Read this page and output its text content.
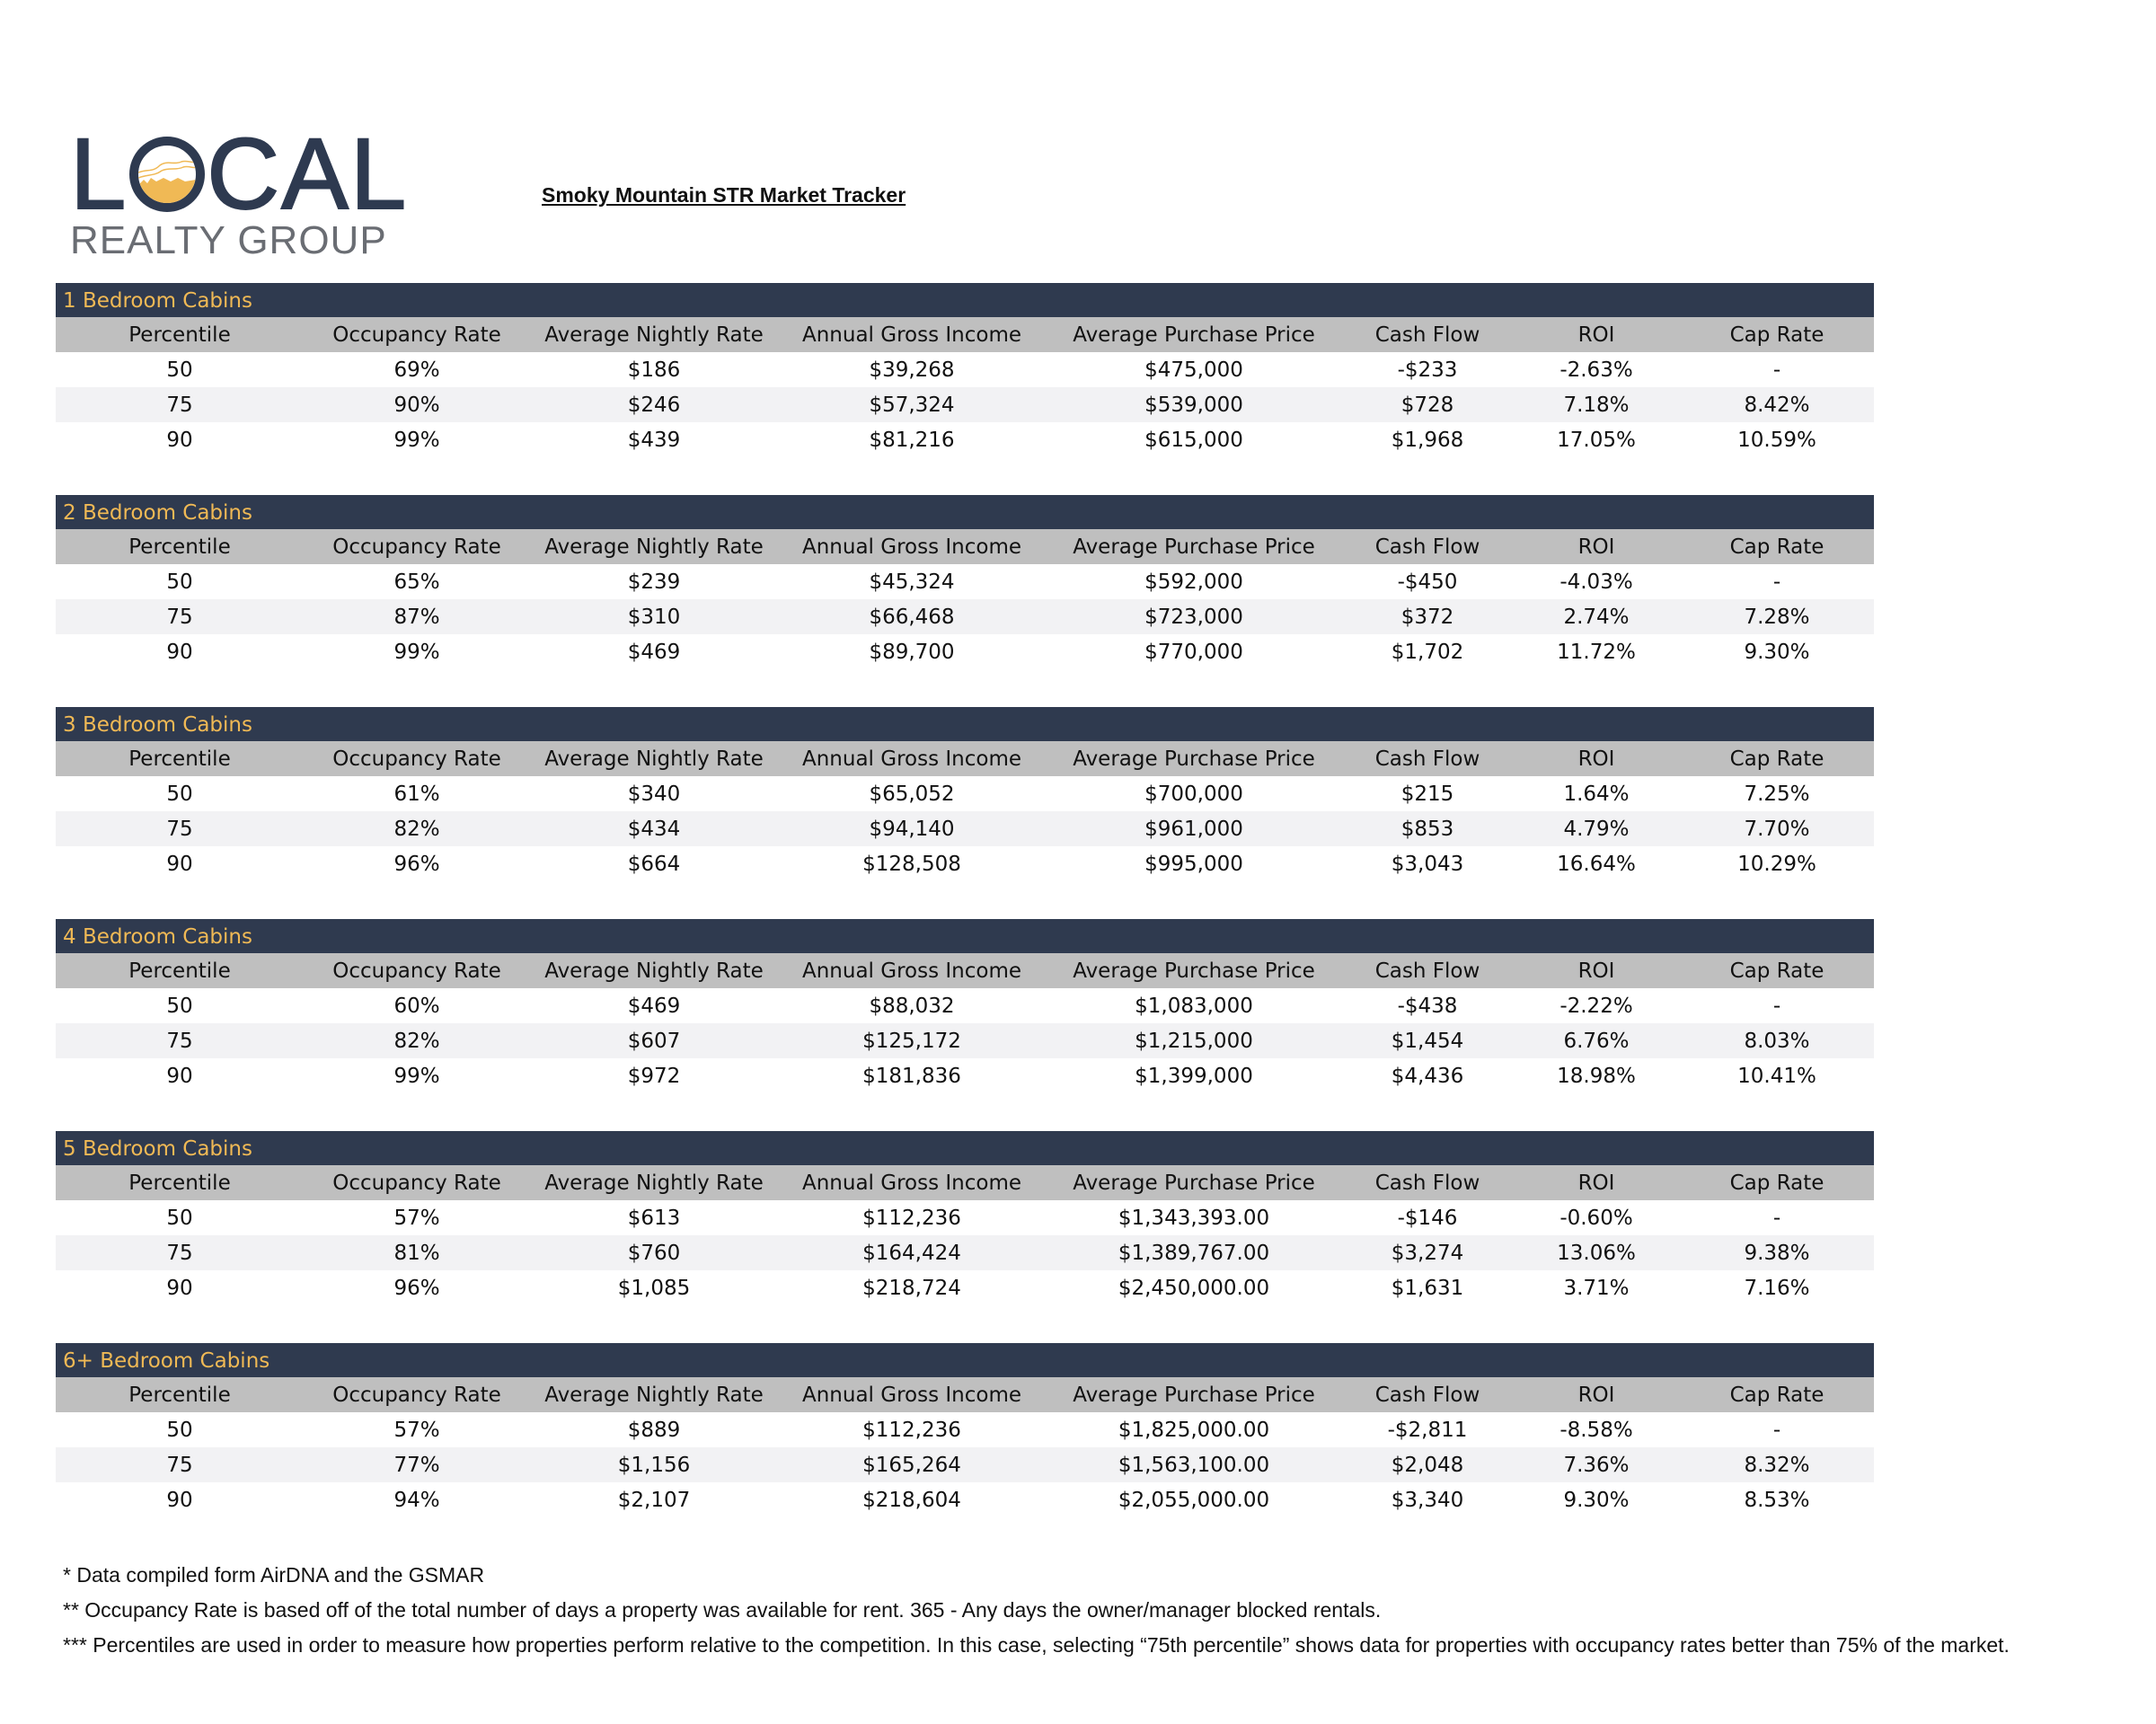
L CAL
REALTY GROUP
Smoky Mountain STR Market Tracker
1 Bedroom Cabins
Percentile	Occupancy Rate	Average Nightly Rate	Annual Gross Income	Average Purchase Price	Cash Flow	ROI	Cap Rate
50	69%	$186	$39,268	$475,000	-$233	-2.63%	-
75	90%	$246	$57,324	$539,000	$728	7.18%	8.42%
90	99%	$439	$81,216	$615,000	$1,968	17.05%	10.59%
2 Bedroom Cabins
Percentile	Occupancy Rate	Average Nightly Rate	Annual Gross Income	Average Purchase Price	Cash Flow	ROI	Cap Rate
50	65%	$239	$45,324	$592,000	-$450	-4.03%	-
75	87%	$310	$66,468	$723,000	$372	2.74%	7.28%
90	99%	$469	$89,700	$770,000	$1,702	11.72%	9.30%
3 Bedroom Cabins
Percentile	Occupancy Rate	Average Nightly Rate	Annual Gross Income	Average Purchase Price	Cash Flow	ROI	Cap Rate
50	61%	$340	$65,052	$700,000	$215	1.64%	7.25%
75	82%	$434	$94,140	$961,000	$853	4.79%	7.70%
90	96%	$664	$128,508	$995,000	$3,043	16.64%	10.29%
4 Bedroom Cabins
Percentile	Occupancy Rate	Average Nightly Rate	Annual Gross Income	Average Purchase Price	Cash Flow	ROI	Cap Rate
50	60%	$469	$88,032	$1,083,000	-$438	-2.22%	-
75	82%	$607	$125,172	$1,215,000	$1,454	6.76%	8.03%
90	99%	$972	$181,836	$1,399,000	$4,436	18.98%	10.41%
5 Bedroom Cabins
Percentile	Occupancy Rate	Average Nightly Rate	Annual Gross Income	Average Purchase Price	Cash Flow	ROI	Cap Rate
50	57%	$613	$112,236	$1,343,393.00	-$146	-0.60%	-
75	81%	$760	$164,424	$1,389,767.00	$3,274	13.06%	9.38%
90	96%	$1,085	$218,724	$2,450,000.00	$1,631	3.71%	7.16%
6+ Bedroom Cabins
Percentile	Occupancy Rate	Average Nightly Rate	Annual Gross Income	Average Purchase Price	Cash Flow	ROI	Cap Rate
50	57%	$889	$112,236	$1,825,000.00	-$2,811	-8.58%	-
75	77%	$1,156	$165,264	$1,563,100.00	$2,048	7.36%	8.32%
90	94%	$2,107	$218,604	$2,055,000.00	$3,340	9.30%	8.53%
* Data compiled form AirDNA and the GSMAR
** Occupancy Rate is based off of the total number of days a property was available for rent. 365 - Any days the owner/manager blocked rentals.
*** Percentiles are used in order to measure how properties perform relative to the competition. In this case, selecting “75th percentile” shows data for properties with occupancy rates better than 75% of the market.
